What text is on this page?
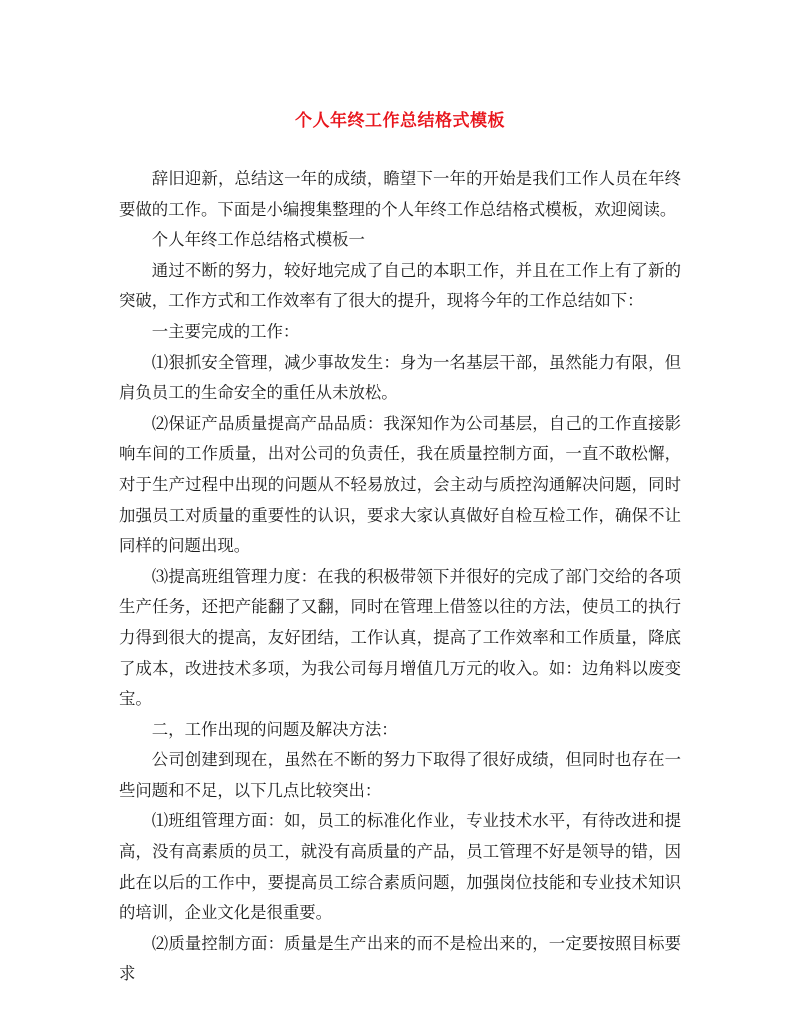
个人年终工作总结格式模板

辞旧迎新，总结这一年的成绩，瞻望下一年的开始是我们工作人员在年终要做的工作。下面是小编搜集整理的个人年终工作总结格式模板，欢迎阅读。

个人年终工作总结格式模板一

通过不断的努力，较好地完成了自己的本职工作，并且在工作上有了新的突破，工作方式和工作效率有了很大的提升，现将今年的工作总结如下：

一主要完成的工作：

⑴狠抓安全管理，减少事故发生：身为一名基层干部，虽然能力有限，但肩负员工的生命安全的重任从未放松。

⑵保证产品质量提高产品品质：我深知作为公司基层，自己的工作直接影响车间的工作质量，出对公司的负责任，我在质量控制方面，一直不敢松懈，对于生产过程中出现的问题从不轻易放过，会主动与质控沟通解决问题，同时加强员工对质量的重要性的认识，要求大家认真做好自检互检工作，确保不让同样的问题出现。

⑶提高班组管理力度：在我的积极带领下并很好的完成了部门交给的各项生产任务，还把产能翻了又翻，同时在管理上借签以往的方法，使员工的执行力得到很大的提高，友好团结，工作认真，提高了工作效率和工作质量，降底了成本，改进技术多项，为我公司每月增值几万元的收入。如：边角料以废变宝。

二，工作出现的问题及解决方法：

公司创建到现在，虽然在不断的努力下取得了很好成绩，但同时也存在一些问题和不足，以下几点比较突出：

⑴班组管理方面：如，员工的标准化作业，专业技术水平，有待改进和提高，没有高素质的员工，就没有高质量的产品，员工管理不好是领导的错，因此在以后的工作中，要提高员工综合素质问题，加强岗位技能和专业技术知识的培训，企业文化是很重要。

⑵质量控制方面：质量是生产出来的而不是检出来的，一定要按照目标要求
